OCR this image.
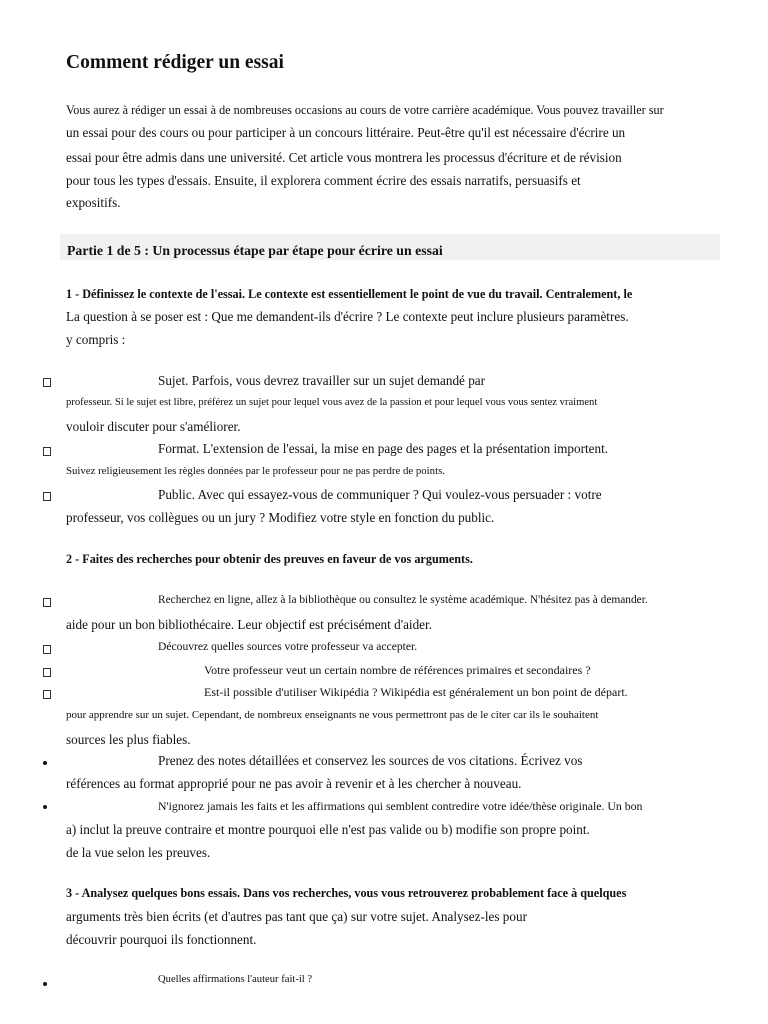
Comment rédiger un essai
Vous aurez à rédiger un essai à de nombreuses occasions au cours de votre carrière académique. Vous pouvez travailler sur
un essai pour des cours ou pour participer à un concours littéraire. Peut-être qu'il est nécessaire d'écrire un
essai pour être admis dans une université. Cet article vous montrera les processus d'écriture et de révision
pour tous les types d'essais. Ensuite, il explorera comment écrire des essais narratifs, persuasifs et
expositifs.
Partie 1 de 5 : Un processus étape par étape pour écrire un essai
1 - Définissez le contexte de l'essai. Le contexte est essentiellement le point de vue du travail. Centralement, le
La question à se poser est : Que me demandent-ils d'écrire ? Le contexte peut inclure plusieurs paramètres.
y compris :
Sujet. Parfois, vous devrez travailler sur un sujet demandé par
professeur. Si le sujet est libre, préférez un sujet pour lequel vous avez de la passion et pour lequel vous vous sentez vraiment
vouloir discuter pour s'améliorer.
Format. L'extension de l'essai, la mise en page des pages et la présentation importent.
Suivez religieusement les règles données par le professeur pour ne pas perdre de points.
Public. Avec qui essayez-vous de communiquer ? Qui voulez-vous persuader : votre
professeur, vos collègues ou un jury ? Modifiez votre style en fonction du public.
2 - Faites des recherches pour obtenir des preuves en faveur de vos arguments.
Recherchez en ligne, allez à la bibliothèque ou consultez le système académique. N'hésitez pas à demander.
aide pour un bon bibliothécaire. Leur objectif est précisément d'aider.
Découvrez quelles sources votre professeur va accepter.
Votre professeur veut un certain nombre de références primaires et secondaires ?
Est-il possible d'utiliser Wikipédia ? Wikipédia est généralement un bon point de départ.
pour apprendre sur un sujet. Cependant, de nombreux enseignants ne vous permettront pas de le citer car ils le souhaitent
sources les plus fiables.
Prenez des notes détaillées et conservez les sources de vos citations. Écrivez vos
références au format approprié pour ne pas avoir à revenir et à les chercher à nouveau.
N'ignorez jamais les faits et les affirmations qui semblent contredire votre idée/thèse originale. Un bon
a) inclut la preuve contraire et montre pourquoi elle n'est pas valide ou b) modifie son propre point.
de la vue selon les preuves.
3 - Analysez quelques bons essais. Dans vos recherches, vous vous retrouverez probablement face à quelques
arguments très bien écrits (et d'autres pas tant que ça) sur votre sujet. Analysez-les pour
découvrir pourquoi ils fonctionnent.
Quelles affirmations l'auteur fait-il ?
